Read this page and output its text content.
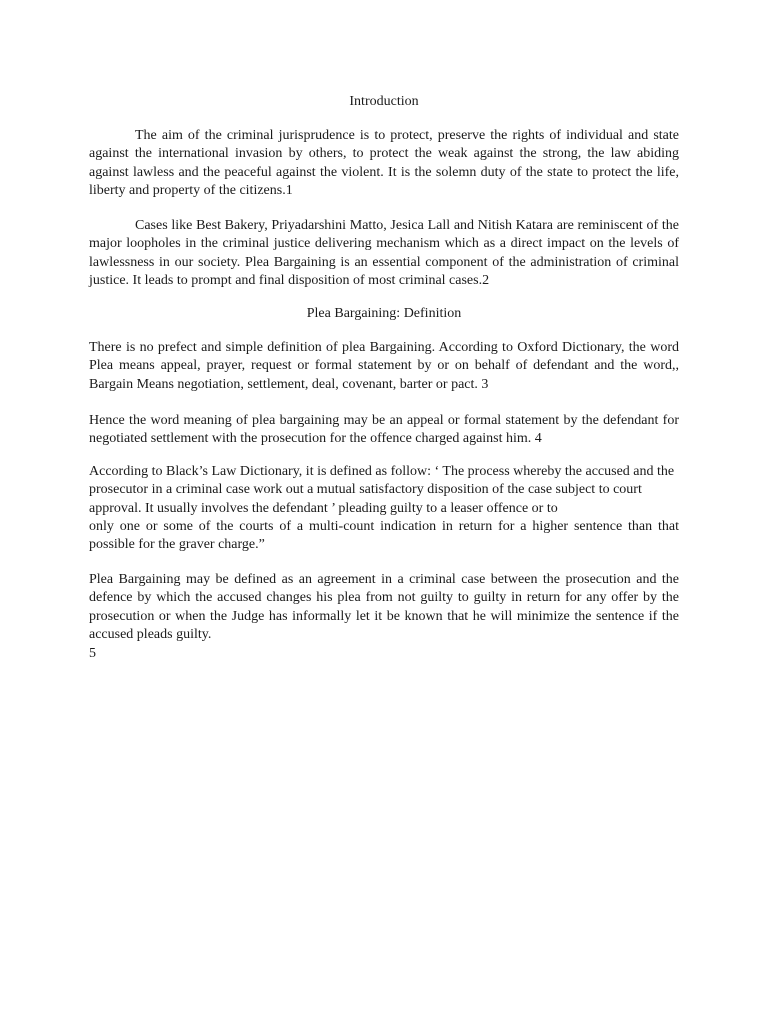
Introduction

The aim of the criminal jurisprudence is to protect, preserve the rights of individual and state against the international invasion by others, to protect the weak against the strong, the law abiding against lawless and the peaceful against the violent. It is the solemn duty of the state to protect the life, liberty and property of the citizens.1

Cases like Best Bakery, Priyadarshini Matto, Jesica Lall and Nitish Katara are reminiscent of the major loopholes in the criminal justice delivering mechanism which as a direct impact on the levels of lawlessness in our society. Plea Bargaining is an essential component of the administration of criminal justice. It leads to prompt and final disposition of most criminal cases.2

Plea Bargaining: Definition

There is no prefect and simple definition of plea Bargaining. According to Oxford Dictionary, the word Plea means appeal, prayer, request or formal statement by or on behalf of defendant and the word,, Bargain Means negotiation, settlement, deal, covenant, barter or pact. 3

Hence the word meaning of plea bargaining may be an appeal or formal statement by the defendant for negotiated settlement with the prosecution for the offence charged against him. 4

According to Black’s Law Dictionary, it is defined as follow: ‘ The process whereby the accused and the
prosecutor in a criminal case work out a mutual satisfactory disposition of the case subject to court
approval. It usually involves the defendant ’ pleading guilty to a leaser offence or to
only one or some of the courts of a multi-count indication in return for a higher sentence than that possible for the graver charge.”

Plea Bargaining may be defined as an agreement in a criminal case between the prosecution and the defence by which the accused changes his plea from not guilty to guilty in return for any offer by the prosecution or when the Judge has informally let it be known that he will minimize the sentence if the accused pleads guilty.

5
